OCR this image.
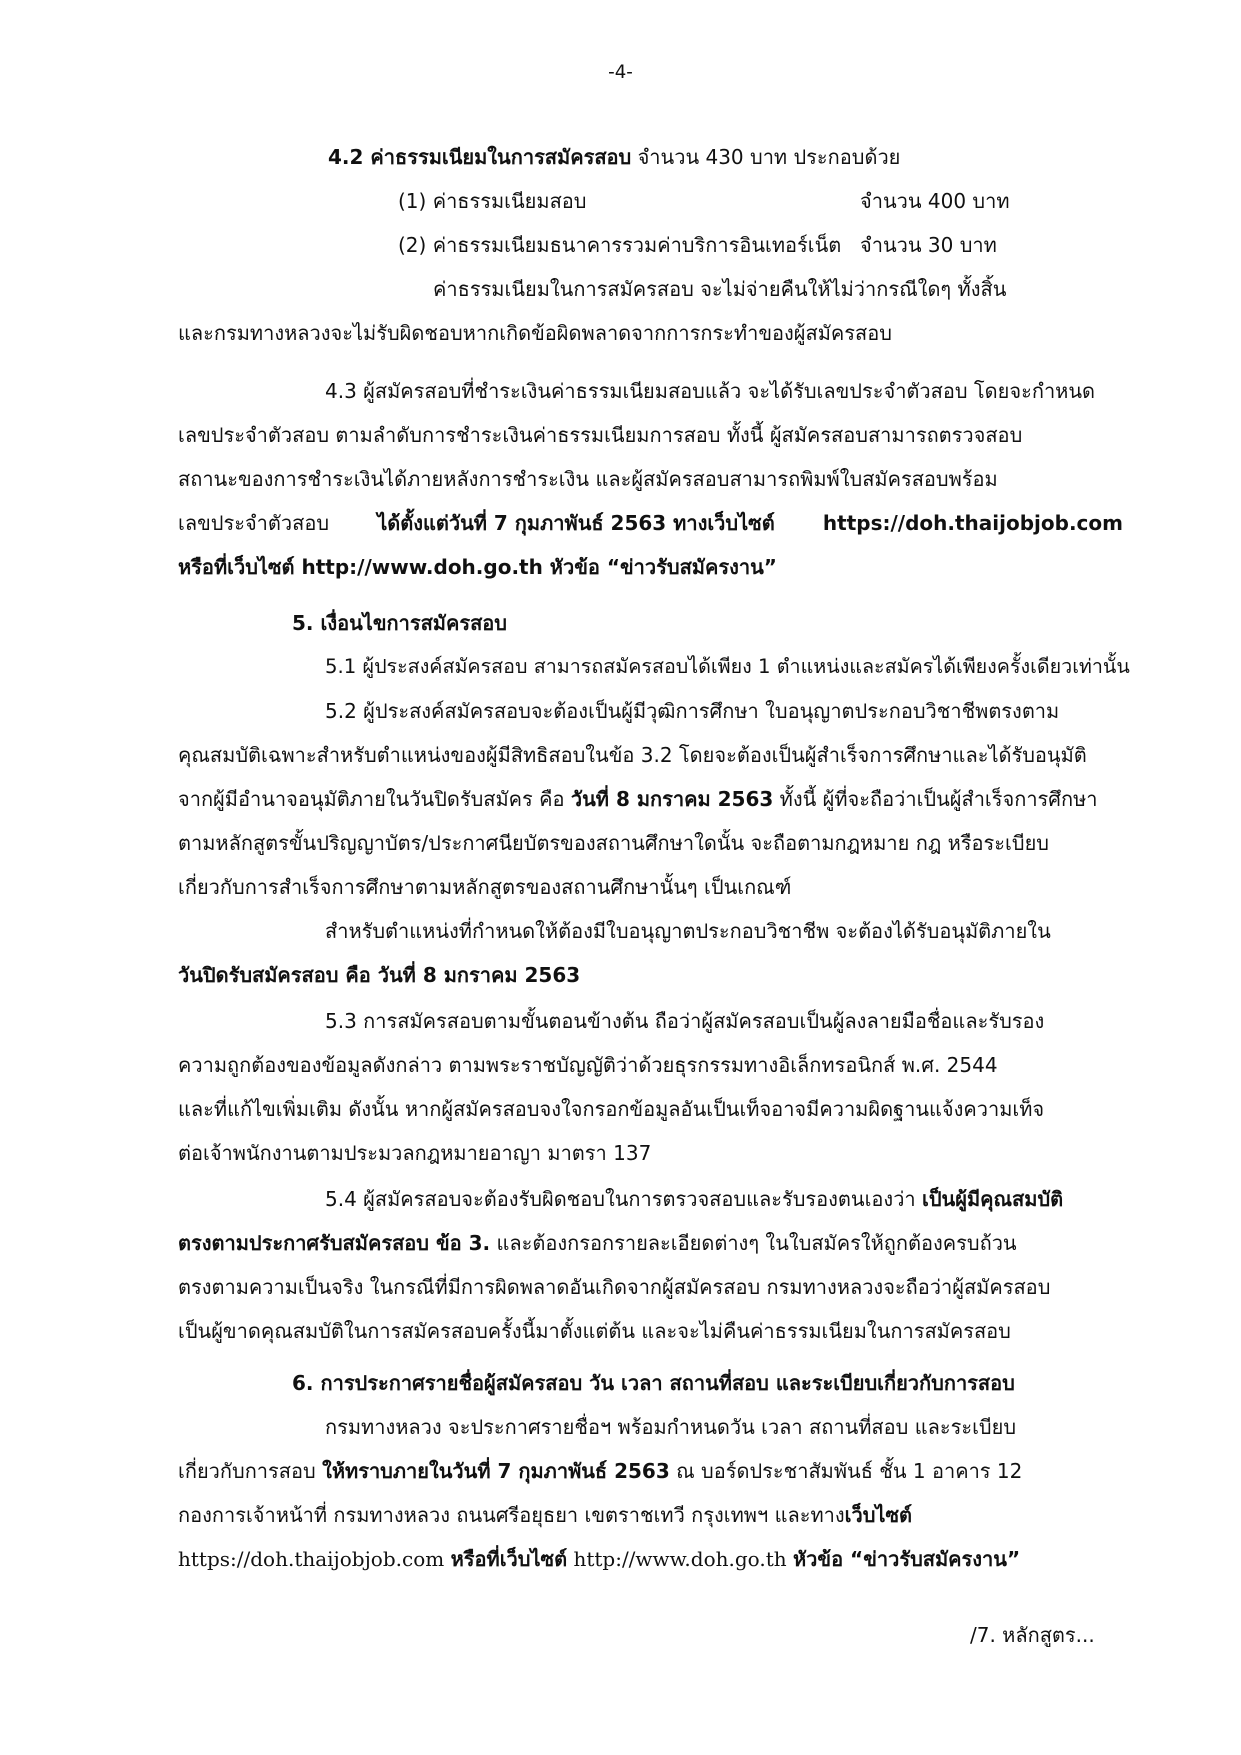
-4-
4.2 ค่าธรรมเนียมในการสมัครสอบ จำนวน 430 บาท ประกอบด้วย
(1) ค่าธรรมเนียมสอบ	จำนวน 400 บาท
(2) ค่าธรรมเนียมธนาคารรวมค่าบริการอินเทอร์เน็ต จำนวน 30 บาท
ค่าธรรมเนียมในการสมัครสอบ จะไม่จ่ายคืนให้ไม่ว่ากรณีใดๆ ทั้งสิ้น
และกรมทางหลวงจะไม่รับผิดชอบหากเกิดข้อผิดพลาดจากการกระทำของผู้สมัครสอบ
4.3 ผู้สมัครสอบที่ชำระเงินค่าธรรมเนียมสอบแล้ว จะได้รับเลขประจำตัวสอบ โดยจะกำหนด
เลขประจำตัวสอบ ตามลำดับการชำระเงินค่าธรรมเนียมการสอบ ทั้งนี้ ผู้สมัครสอบสามารถตรวจสอบ
สถานะของการชำระเงินได้ภายหลังการชำระเงิน และผู้สมัครสอบสามารถพิมพ์ใบสมัครสอบพร้อม
เลขประจำตัวสอบ ได้ตั้งแต่วันที่ 7 กุมภาพันธ์ 2563 ทางเว็บไซต์ https://doh.thaijobjob.com
หรือที่เว็บไซต์ http://www.doh.go.th หัวข้อ “ข่าวรับสมัครงาน”
5. เงื่อนไขการสมัครสอบ
5.1 ผู้ประสงค์สมัครสอบ สามารถสมัครสอบได้เพียง 1 ตำแหน่งและสมัครได้เพียงครั้งเดียวเท่านั้น
5.2 ผู้ประสงค์สมัครสอบจะต้องเป็นผู้มีวุฒิการศึกษา ใบอนุญาตประกอบวิชาชีพตรงตาม
คุณสมบัติเฉพาะสำหรับตำแหน่งของผู้มีสิทธิสอบในข้อ 3.2 โดยจะต้องเป็นผู้สำเร็จการศึกษาและได้รับอนุมัติ
จากผู้มีอำนาจอนุมัติภายในวันปิดรับสมัคร คือ วันที่ 8 มกราคม 2563 ทั้งนี้ ผู้ที่จะถือว่าเป็นผู้สำเร็จการศึกษา
ตามหลักสูตรขั้นปริญญาบัตร/ประกาศนียบัตรของสถานศึกษาใดนั้น จะถือตามกฎหมาย กฎ หรือระเบียบ
เกี่ยวกับการสำเร็จการศึกษาตามหลักสูตรของสถานศึกษานั้นๆ เป็นเกณฑ์
สำหรับตำแหน่งที่กำหนดให้ต้องมีใบอนุญาตประกอบวิชาชีพ จะต้องได้รับอนุมัติภายใน
วันปิดรับสมัครสอบ คือ วันที่ 8 มกราคม 2563
5.3 การสมัครสอบตามขั้นตอนข้างต้น ถือว่าผู้สมัครสอบเป็นผู้ลงลายมือชื่อและรับรอง
ความถูกต้องของข้อมูลดังกล่าว ตามพระราชบัญญัติว่าด้วยธุรกรรมทางอิเล็กทรอนิกส์ พ.ศ. 2544
และที่แก้ไขเพิ่มเติม ดังนั้น หากผู้สมัครสอบจงใจกรอกข้อมูลอันเป็นเท็จอาจมีความผิดฐานแจ้งความเท็จ
ต่อเจ้าพนักงานตามประมวลกฎหมายอาญา มาตรา 137
5.4 ผู้สมัครสอบจะต้องรับผิดชอบในการตรวจสอบและรับรองตนเองว่า เป็นผู้มีคุณสมบัติ
ตรงตามประกาศรับสมัครสอบ ข้อ 3. และต้องกรอกรายละเอียดต่างๆ ในใบสมัครให้ถูกต้องครบถ้วน
ตรงตามความเป็นจริง ในกรณีที่มีการผิดพลาดอันเกิดจากผู้สมัครสอบ กรมทางหลวงจะถือว่าผู้สมัครสอบ
เป็นผู้ขาดคุณสมบัติในการสมัครสอบครั้งนี้มาตั้งแต่ต้น และจะไม่คืนค่าธรรมเนียมในการสมัครสอบ
6. การประกาศรายชื่อผู้สมัครสอบ วัน เวลา สถานที่สอบ และระเบียบเกี่ยวกับการสอบ
กรมทางหลวง จะประกาศรายชื่อฯ พร้อมกำหนดวัน เวลา สถานที่สอบ และระเบียบ
เกี่ยวกับการสอบ ให้ทราบภายในวันที่ 7 กุมภาพันธ์ 2563 ณ บอร์ดประชาสัมพันธ์ ชั้น 1 อาคาร 12
กองการเจ้าหน้าที่ กรมทางหลวง ถนนศรีอยุธยา เขตราชเทวี กรุงเทพฯ และทางเว็บไซต์
https://doh.thaijobjob.com หรือที่เว็บไซต์ http://www.doh.go.th หัวข้อ “ข่าวรับสมัครงาน”
/7. หลักสูตร...
